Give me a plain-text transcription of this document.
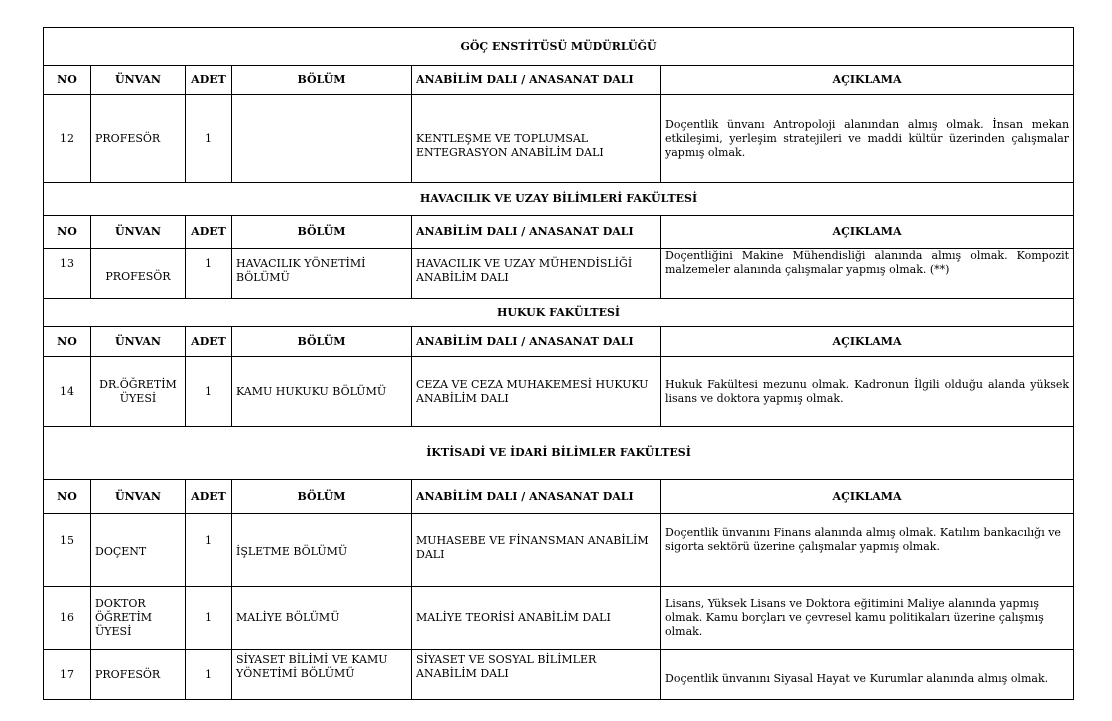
GÖÇ ENSTİTÜSÜ MÜDÜRLÜĞÜ					
NO	ÜNVAN	ADET	BÖLÜM	ANABİLİM DALI / ANASANAT DALI	AÇIKLAMA
12	PROFESÖR	1		KENTLEŞME VE TOPLUMSAL ENTEGRASYON ANABİLİM DALI	Doçentlik ünvanı Antropoloji alanından almış olmak. İnsan mekan etkileşimi, yerleşim stratejileri ve maddi kültür üzerinden çalışmalar yapmış olmak.
HAVACILIK VE UZAY BİLİMLERİ FAKÜLTESİ					
NO	ÜNVAN	ADET	BÖLÜM	ANABİLİM DALI / ANASANAT DALI	AÇIKLAMA
13	PROFESÖR	1	HAVACILIK YÖNETİMİ BÖLÜMÜ	HAVACILIK VE UZAY MÜHENDİSLİĞİ ANABİLİM DALI	Doçentliğini Makine Mühendisliği alanında almış olmak. Kompozit malzemeler alanında çalışmalar yapmış olmak. (**)
HUKUK FAKÜLTESİ					
NO	ÜNVAN	ADET	BÖLÜM	ANABİLİM DALI / ANASANAT DALI	AÇIKLAMA
14	DR.ÖĞRETİM ÜYESİ	1	KAMU HUKUKU BÖLÜMÜ	CEZA VE CEZA MUHAKEMESİ HUKUKU ANABİLİM DALI	Hukuk Fakültesi mezunu olmak. Kadronun İlgili olduğu alanda yüksek lisans ve doktora yapmış olmak.
İKTİSADİ VE İDARİ BİLİMLER FAKÜLTESİ					
NO	ÜNVAN	ADET	BÖLÜM	ANABİLİM DALI / ANASANAT DALI	AÇIKLAMA
15	DOÇENT	1	İŞLETME BÖLÜMÜ	MUHASEBE VE FİNANSMAN ANABİLİM DALI	Doçentlik ünvanını Finans alanında almış olmak. Katılım bankacılığı ve sigorta sektörü üzerine çalışmalar yapmış olmak.
16	DOKTOR ÖĞRETİM ÜYESİ	1	MALİYE BÖLÜMÜ	MALİYE TEORİSİ ANABİLİM DALI	Lisans, Yüksek Lisans ve Doktora eğitimini Maliye alanında yapmış olmak. Kamu borçları ve çevresel kamu politikaları üzerine çalışmış olmak.
17	PROFESÖR	1	SİYASET BİLİMİ VE KAMU YÖNETİMİ BÖLÜMÜ	SİYASET VE SOSYAL BİLİMLER ANABİLİM DALI	Doçentlik ünvanını Siyasal Hayat ve Kurumlar alanında almış olmak.
